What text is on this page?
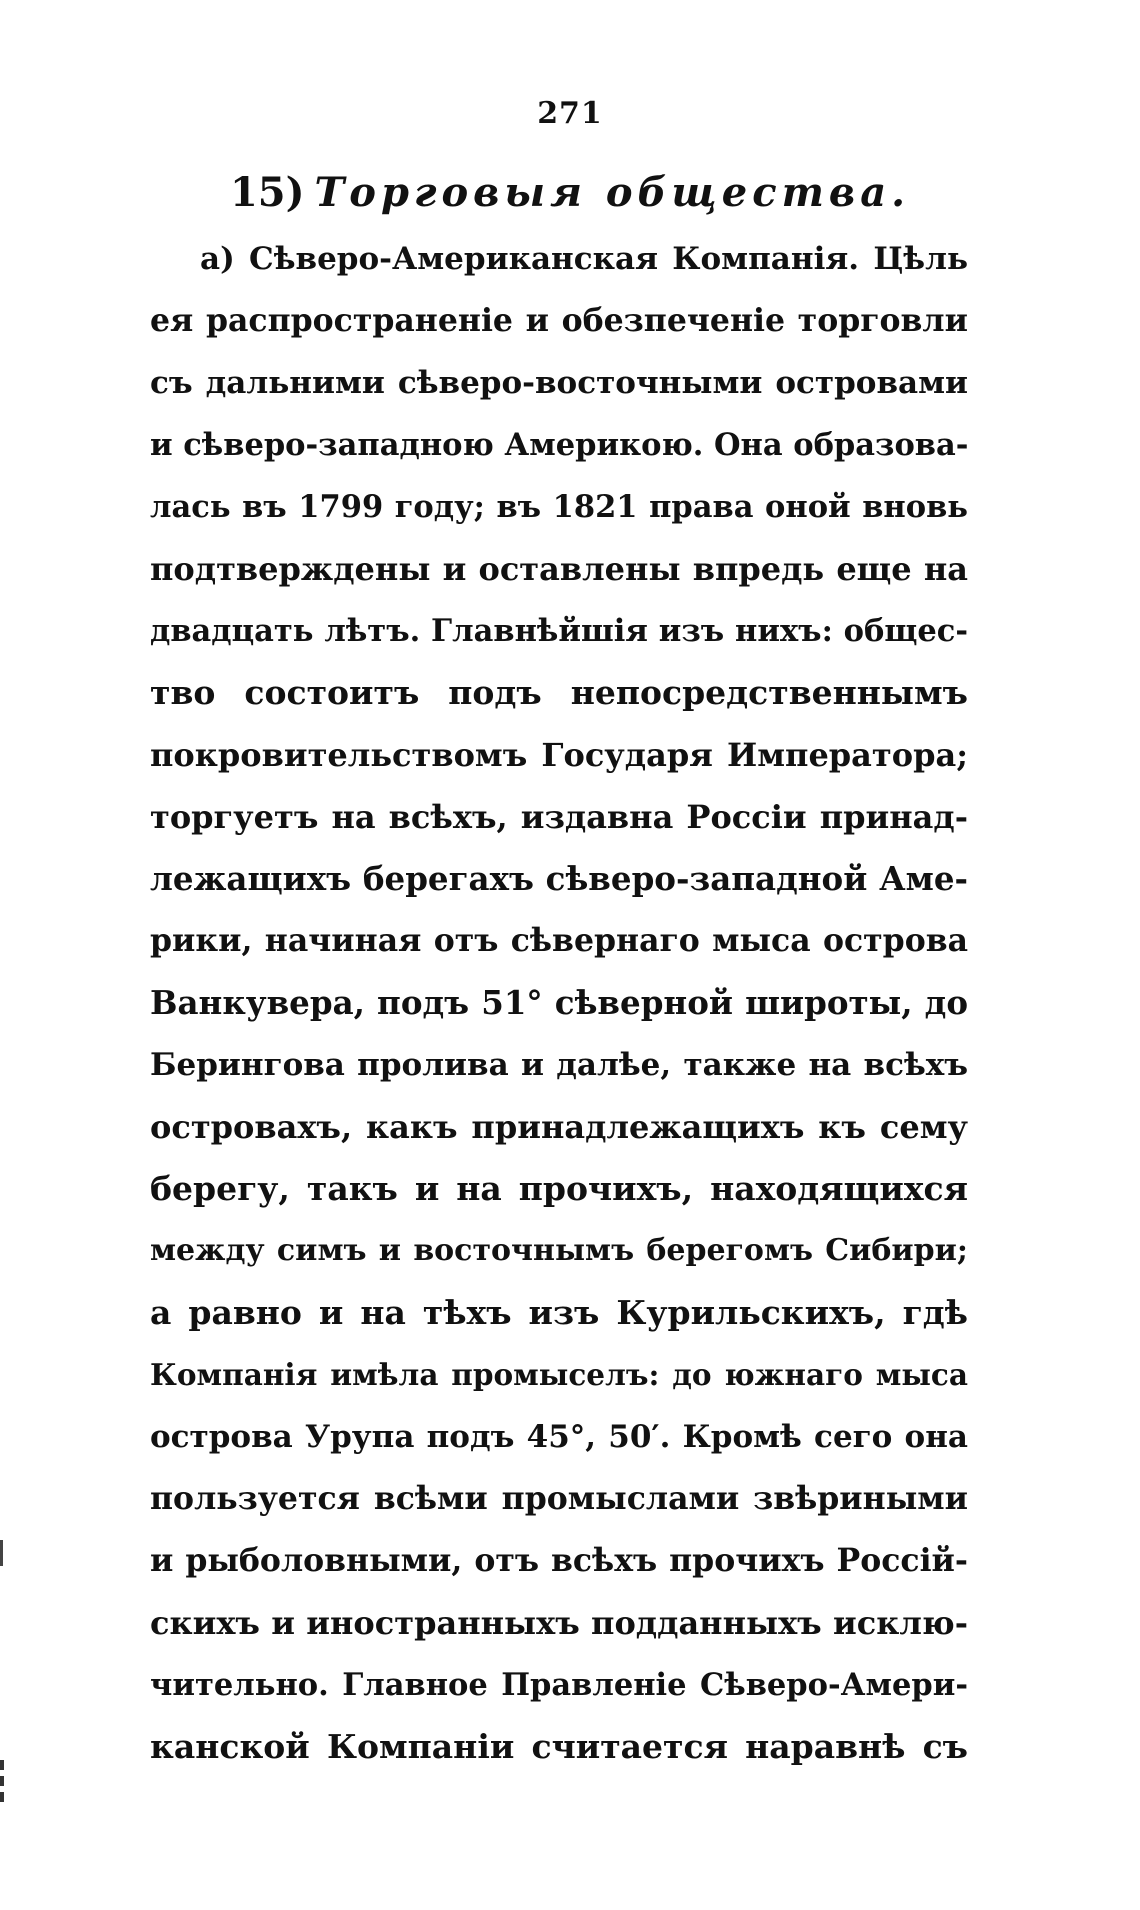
271
15) Торговыя общества.
а) Сѣверо-Американская Компанія. Цѣль
ея распространеніе и обезпеченіе торговли
съ дальними сѣверо-восточными островами
и сѣверо-западною Америкою. Она образова-
лась въ 1799 году; въ 1821 права оной вновь
подтверждены и оставлены впредь еще на
двадцать лѣтъ. Главнѣйшія изъ нихъ: общес-
тво состоитъ подъ непосредственнымъ
покровительствомъ Государя Императора;
торгуетъ на всѣхъ, издавна Россіи принад-
лежащихъ берегахъ сѣверо-западной Аме-
рики, начиная отъ сѣвернаго мыса острова
Ванкувера, подъ 51° сѣверной широты, до
Берингова пролива и далѣе, также на всѣхъ
островахъ, какъ принадлежащихъ къ сему
берегу, такъ и на прочихъ, находящихся
между симъ и восточнымъ берегомъ Сибири;
а равно и на тѣхъ изъ Курильскихъ, гдѣ
Компанія имѣла промыселъ: до южнаго мыса
острова Урупа подъ 45°, 50′. Кромѣ сего она
пользуется всѣми промыслами звѣриными
и рыболовными, отъ всѣхъ прочихъ Россій-
скихъ и иностранныхъ подданныхъ исклю-
чительно. Главное Правленіе Сѣверо-Амери-
канской Компаніи считается наравнѣ съ
